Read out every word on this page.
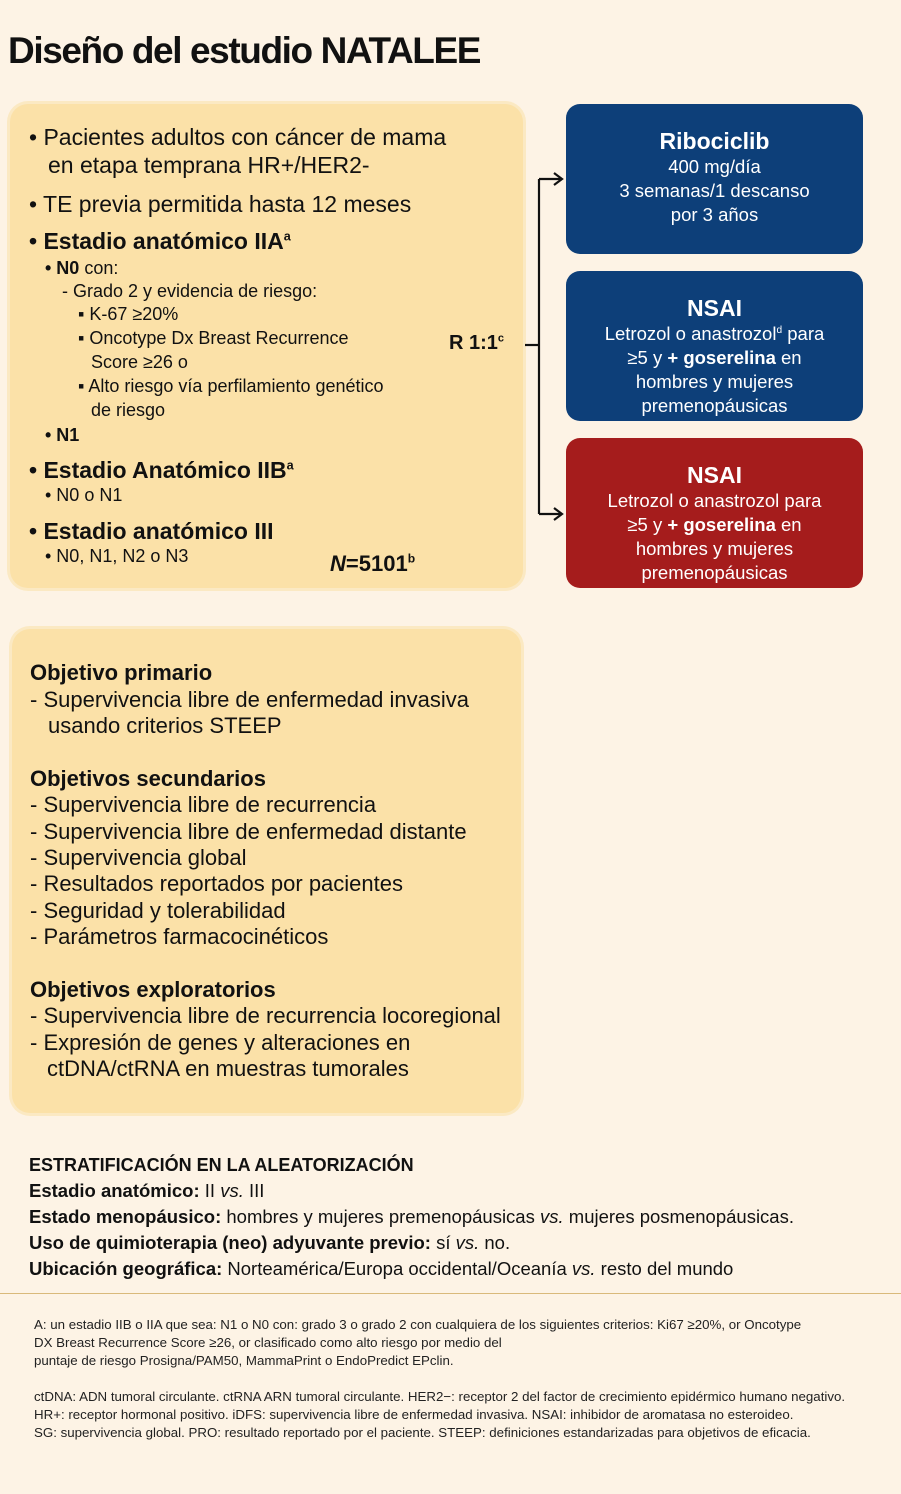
Diseño del estudio NATALEE
• Pacientes adultos con cáncer de mama
en etapa temprana HR+/HER2-
• TE previa permitida hasta 12 meses
• Estadio anatómico IIA$^a$
• N0 con:
- Grado 2 y evidencia de riesgo:
▪ K-67 ≥20%
▪ Oncotype Dx Breast Recurrence
Score ≥26 o
▪ Alto riesgo vía perfilamiento genético
de riesgo
• N1
• Estadio Anatómico IIB$^a$
• N0 o N1
• Estadio anatómico III
• N0, N1, N2 o N3	$N=5101^b$
R 1:1$^c$
Ribociclib
400 mg/día
3 semanas/1 descanso
por 3 años
NSAI
Letrozol o anastrozol$^d$ para
≥5 y + goserelina en
hombres y mujeres
premenopáusicas
NSAI
Letrozol o anastrozol para
≥5 y + goserelina en
hombres y mujeres
premenopáusicas
Objetivo primario
- Supervivencia libre de enfermedad invasiva
usando criterios STEEP
Objetivos secundarios
- Supervivencia libre de recurrencia
- Supervivencia libre de enfermedad distante
- Supervivencia global
- Resultados reportados por pacientes
- Seguridad y tolerabilidad
- Parámetros farmacocinéticos
Objetivos exploratorios
- Supervivencia libre de recurrencia locoregional
- Expresión de genes y alteraciones en
ctDNA/ctRNA en muestras tumorales
ESTRATIFICACIÓN EN LA ALEATORIZACIÓN
Estadio anatómico: II vs. III
Estado menopáusico: hombres y mujeres premenopáusicas vs. mujeres posmenopáusicas.
Uso de quimioterapia (neo) adyuvante previo: sí vs. no.
Ubicación geográfica: Norteamérica/Europa occidental/Oceanía vs. resto del mundo
A: un estadio IIB o IIA que sea: N1 o N0 con: grado 3 o grado 2 con cualquiera de los siguientes criterios: Ki67 ≥20%, or Oncotype
DX Breast Recurrence Score ≥26, or clasificado como alto riesgo por medio del
puntaje de riesgo Prosigna/PAM50, MammaPrint o EndoPredict EPclin.
ctDNA: ADN tumoral circulante. ctRNA ARN tumoral circulante. HER2−: receptor 2 del factor de crecimiento epidérmico humano negativo.
HR+: receptor hormonal positivo. iDFS: supervivencia libre de enfermedad invasiva. NSAI: inhibidor de aromatasa no esteroideo.
SG: supervivencia global. PRO: resultado reportado por el paciente. STEEP: definiciones estandarizadas para objetivos de eficacia.
